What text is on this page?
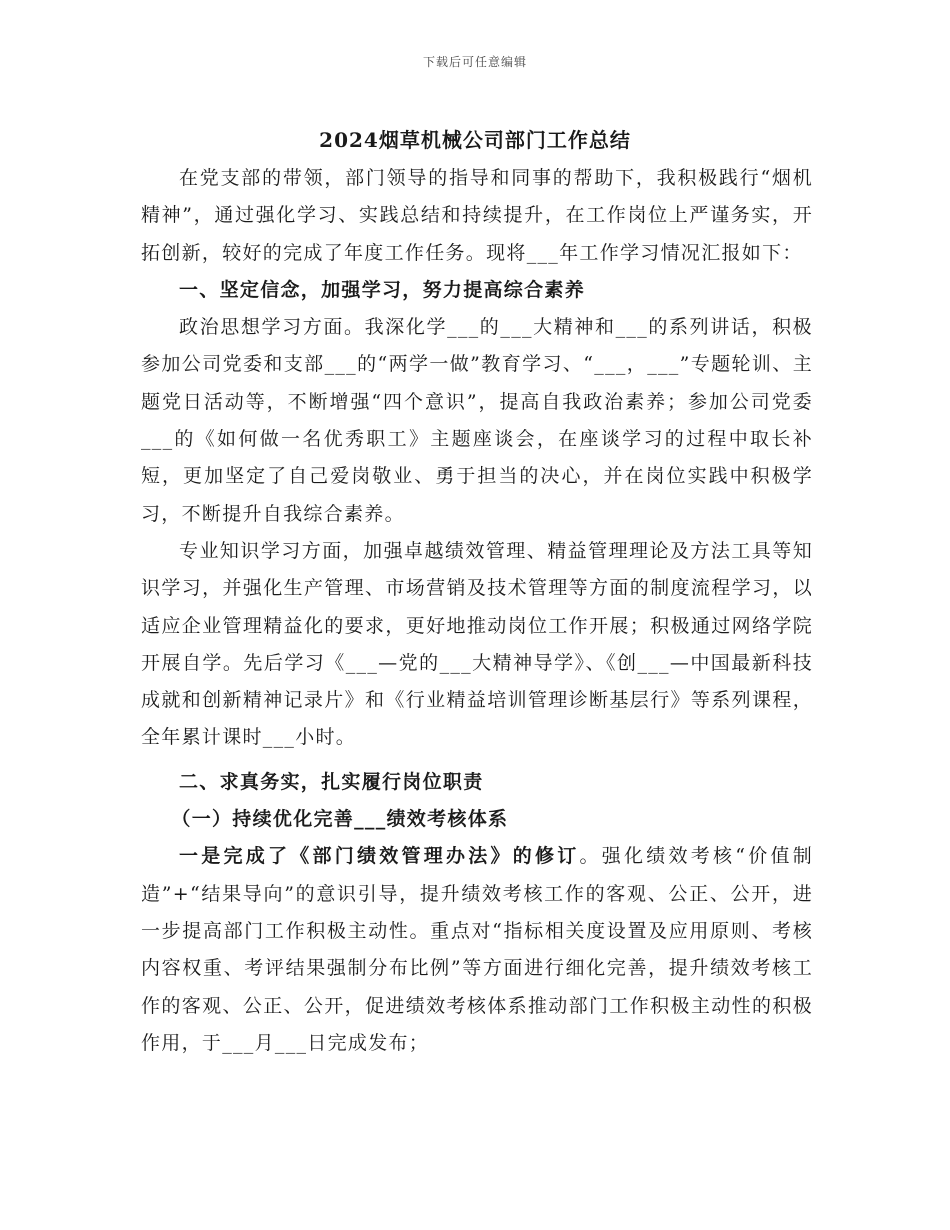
下载后可任意编辑
2024烟草机械公司部门工作总结

在党支部的带领，部门领导的指导和同事的帮助下，我积极践行“烟机精神”，通过强化学习、实践总结和持续提升，在工作岗位上严谨务实，开拓创新，较好的完成了年度工作任务。现将___年工作学习情况汇报如下：

一、坚定信念，加强学习，努力提高综合素养

政治思想学习方面。我深化学___的___大精神和___的系列讲话，积极参加公司党委和支部___的“两学一做”教育学习、“___，___”专题轮训、主题党日活动等，不断增强“四个意识”，提高自我政治素养；参加公司党委___的《如何做一名优秀职工》主题座谈会，在座谈学习的过程中取长补短，更加坚定了自己爱岗敬业、勇于担当的决心，并在岗位实践中积极学习，不断提升自我综合素养。

专业知识学习方面，加强卓越绩效管理、精益管理理论及方法工具等知识学习，并强化生产管理、市场营销及技术管理等方面的制度流程学习，以适应企业管理精益化的要求，更好地推动岗位工作开展；积极通过网络学院开展自学。先后学习《___—党的___大精神导学》、《创___—中国最新科技成就和创新精神记录片》和《行业精益培训管理诊断基层行》等系列课程，全年累计课时___小时。

二、求真务实，扎实履行岗位职责

（一）持续优化完善___绩效考核体系

一是完成了《部门绩效管理办法》的修订。强化绩效考核“价值制造”+“结果导向”的意识引导，提升绩效考核工作的客观、公正、公开，进一步提高部门工作积极主动性。重点对“指标相关度设置及应用原则、考核内容权重、考评结果强制分布比例”等方面进行细化完善，提升绩效考核工作的客观、公正、公开，促进绩效考核体系推动部门工作积极主动性的积极作用，于___月___日完成发布；
